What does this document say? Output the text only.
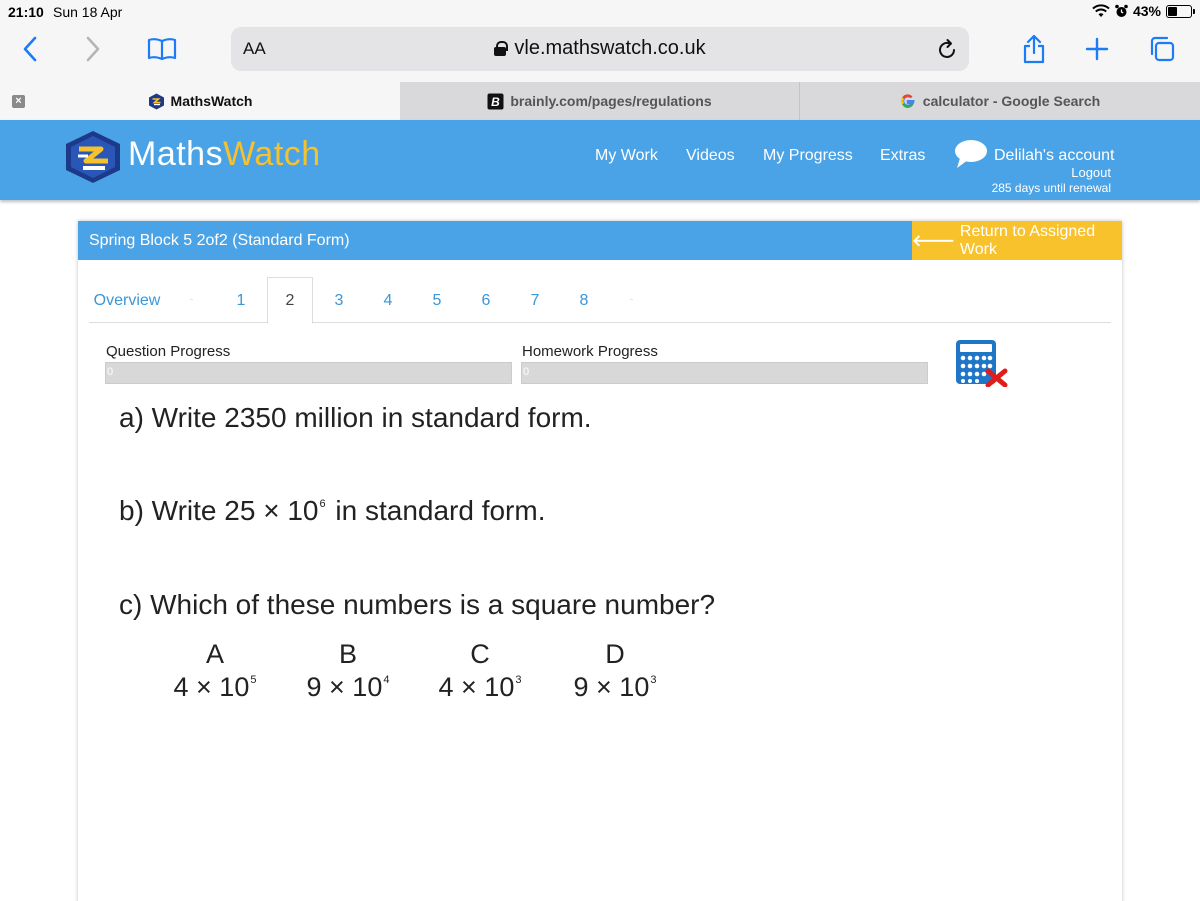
21:10 Sun 18 Apr	43%
AA	vle.mathswatch.co.uk
×	MathsWatch	B brainly.com/pages/regulations	calculator - Google Search
MathsWatch	My Work Videos My Progress Extras	Delilah's account
Logout
285 days until renewal
Spring Block 5 2of2 (Standard Form)	🡐
Return to Assigned Work
Overview	1	2	3	4	5	6	7	8
Question Progress
0
Homework Progress
0
a) Write 2350 million in standard form.
b) Write $25 \times 10^6$ in standard form.
c) Which of these numbers is a square number?
A
$4 \times 10^5$
B
$9 \times 10^4$
C
$4 \times 10^3$
D
$9 \times 10^3$
